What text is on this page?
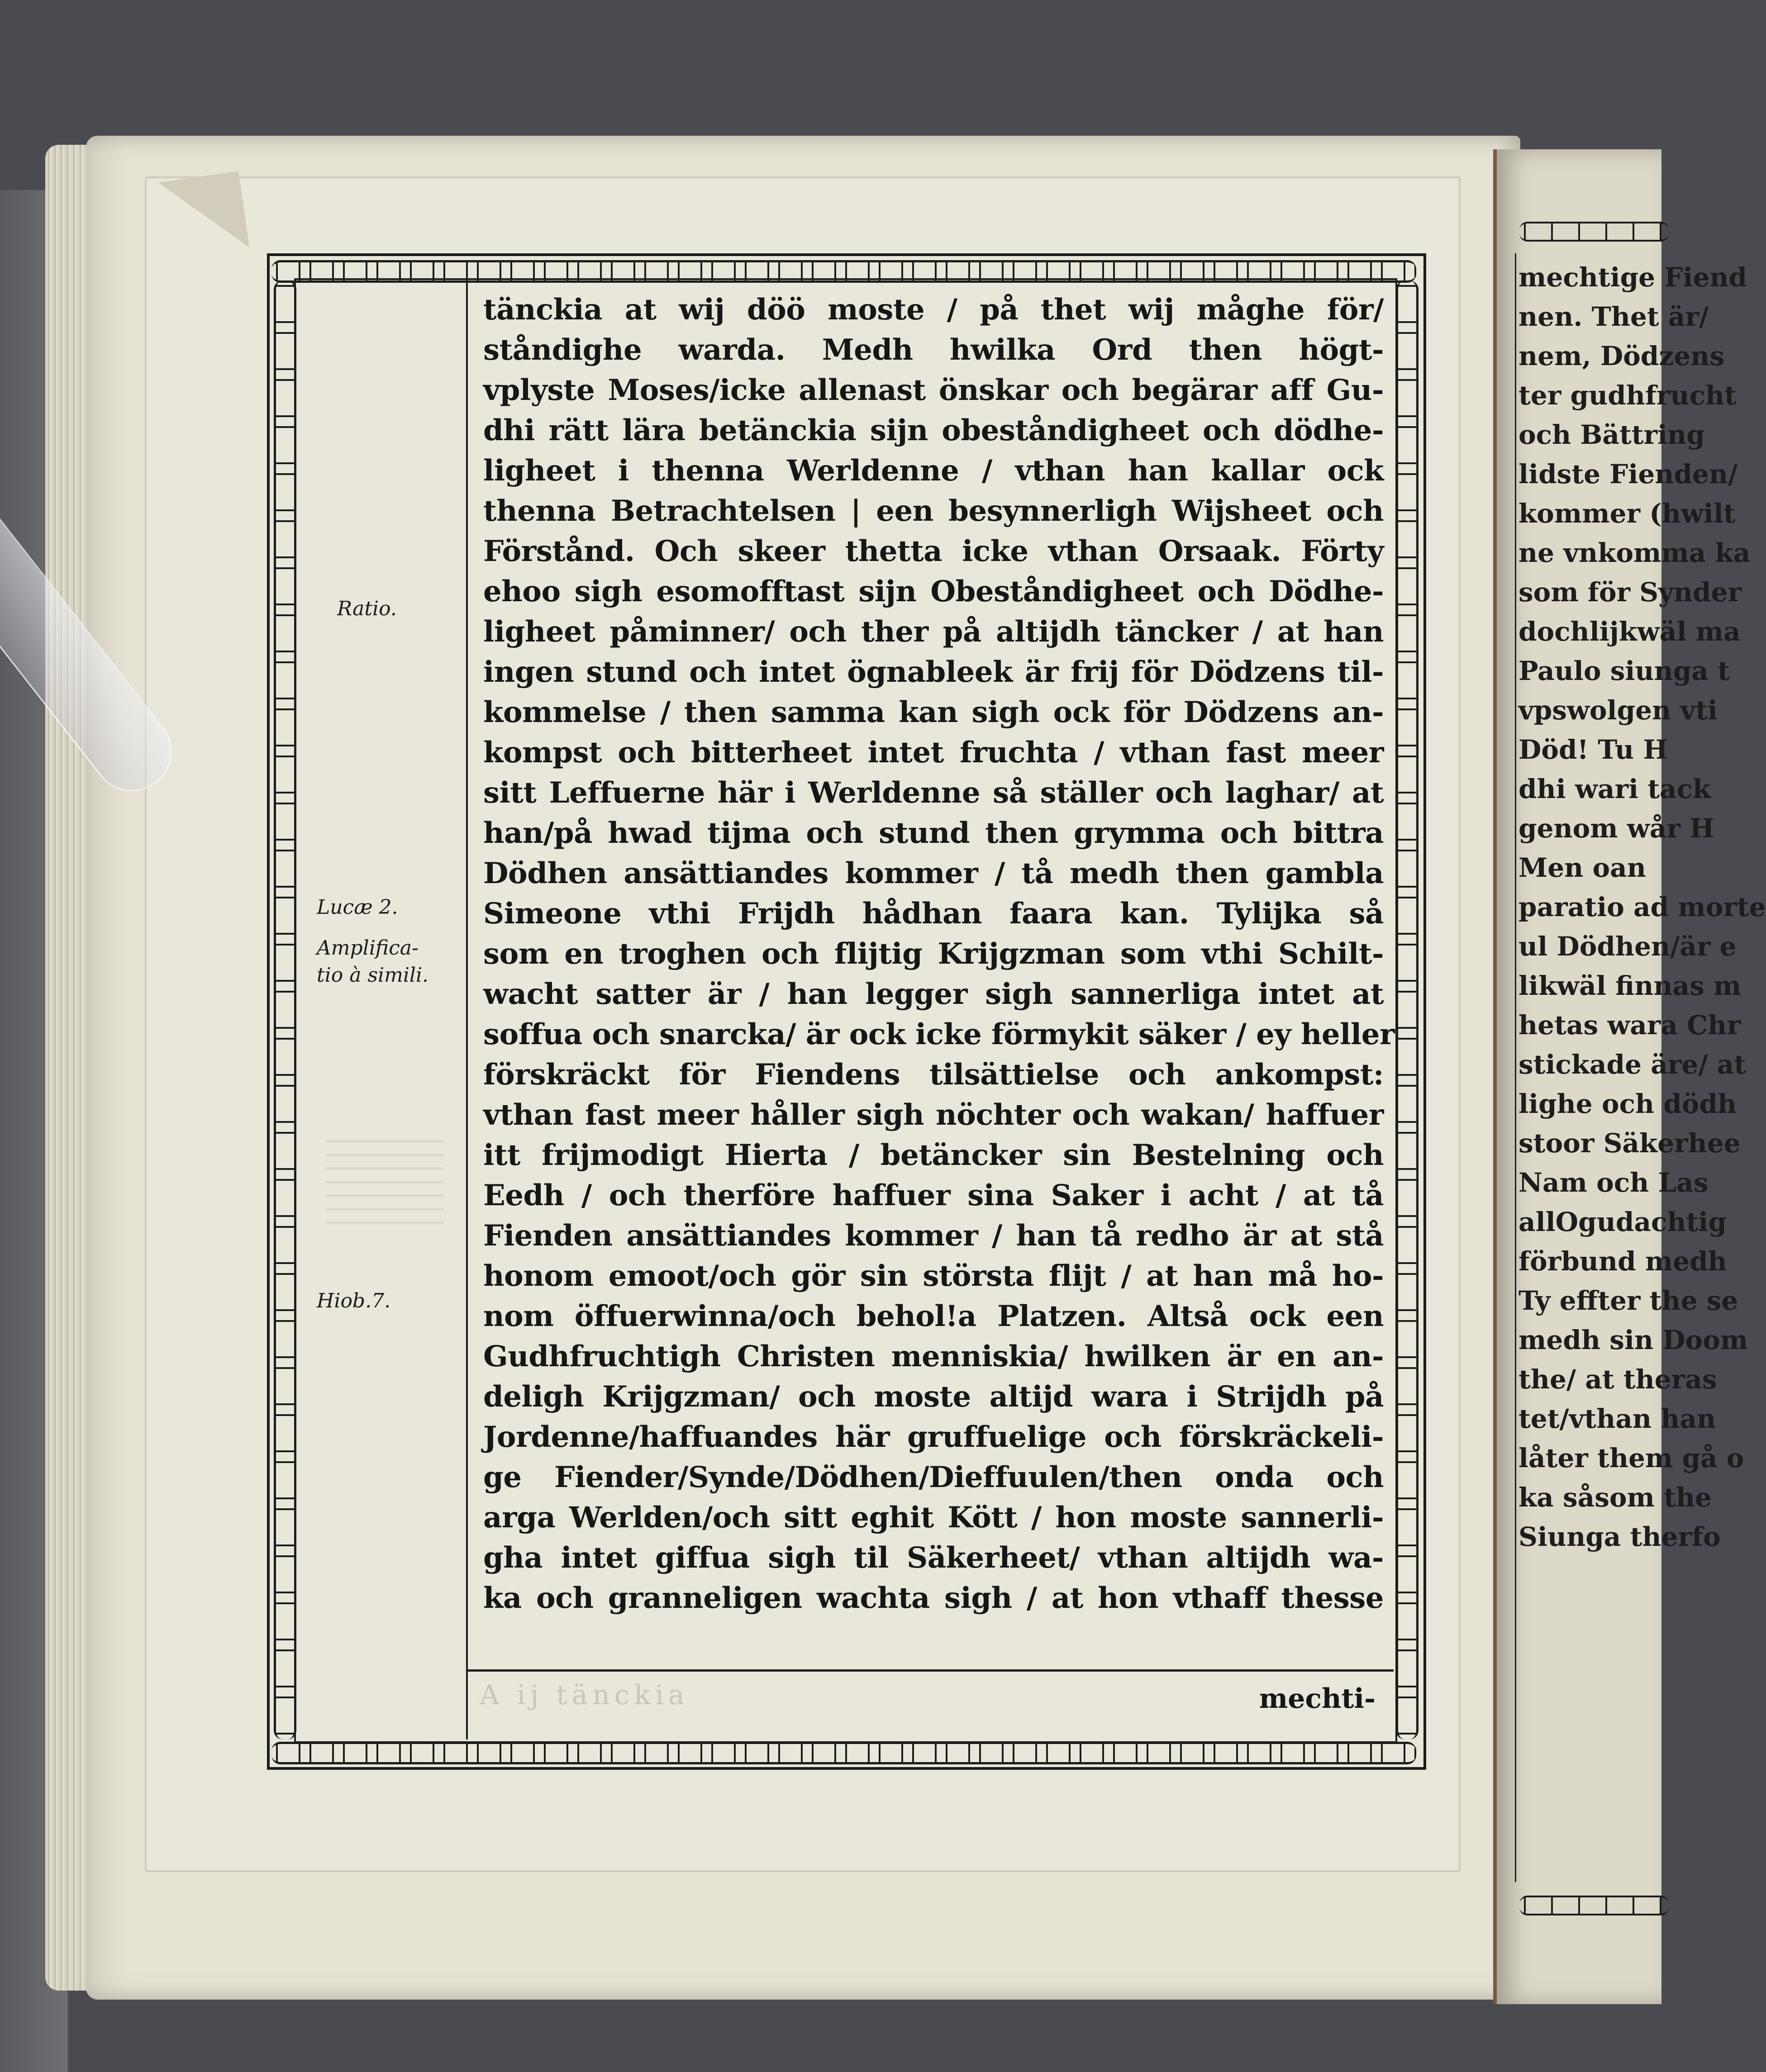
Ratio.
Lucæ 2.
Amplifica-
tio à simili.
Hiob.7.
tänckia at wij döö moste / på thet wij måghe för/
ståndighe warda. Medh hwilka Ord then högt-
vplyste Moses/icke allenast önskar och begärar aff Gu-
dhi rätt lära betänckia sijn obeståndigheet och dödhe-
ligheet i thenna Werldenne / vthan han kallar ock
thenna Betrachtelsen | een besynnerligh Wijsheet och
Förstånd. Och skeer thetta icke vthan Orsaak. Förty
ehoo sigh esomofftast sijn Obeståndigheet och Dödhe-
ligheet påminner/ och ther på altijdh täncker / at han
ingen stund och intet ögnableek är frij för Dödzens til-
kommelse / then samma kan sigh ock för Dödzens an-
kompst och bitterheet intet fruchta / vthan fast meer
sitt Leffuerne här i Werldenne så ställer och laghar/ at
han/på hwad tijma och stund then grymma och bittra
Dödhen ansättiandes kommer / tå medh then gambla
Simeone vthi Frijdh hådhan faara kan. Tylijka så
som en troghen och flijtig Krijgzman som vthi Schilt-
wacht satter är / han legger sigh sannerliga intet at
soffua och snarcka/ är ock icke förmykit säker / ey heller
förskräckt för Fiendens tilsättielse och ankompst:
vthan fast meer håller sigh nöchter och wakan/ haffuer
itt frijmodigt Hierta / betäncker sin Bestelning och
Eedh / och therföre haffuer sina Saker i acht / at tå
Fienden ansättiandes kommer / han tå redho är at stå
honom emoot/och gör sin största flijt / at han må ho-
nom öffuerwinna/och behol!a Platzen. Altså ock een
Gudhfruchtigh Christen menniskia/ hwilken är en an-
deligh Krijgzman/ och moste altijd wara i Strijdh på
Jordenne/haffuandes här gruffuelige och förskräckeli-
ge Fiender/Synde/Dödhen/Dieffuulen/then onda och
arga Werlden/och sitt eghit Kött / hon moste sannerli-
gha intet giffua sigh til Säkerheet/ vthan altijdh wa-
ka och granneligen wachta sigh / at hon vthaff thesse
A ij tänckia	mechti-
mechtige Fiend
nen. Thet är/
nem, Dödzens
ter gudhfrucht
och Bättring
lidste Fienden/
kommer (hwilt
ne vnkomma ka
som för Synder
dochlijkwäl ma
Paulo siunga t
vpswolgen vti
Död! Tu H
dhi wari tack
genom wår H
Men oan
paratio ad morte
ul Dödhen/är e
likwäl finnas m
hetas wara Chr
stickade äre/ at
lighe och dödh
stoor Säkerhee
Nam och Las
allOgudachtig
förbund medh
Ty effter the se
medh sin Doom
the/ at theras
tet/vthan han
låter them gå o
ka såsom the
Siunga therfo
